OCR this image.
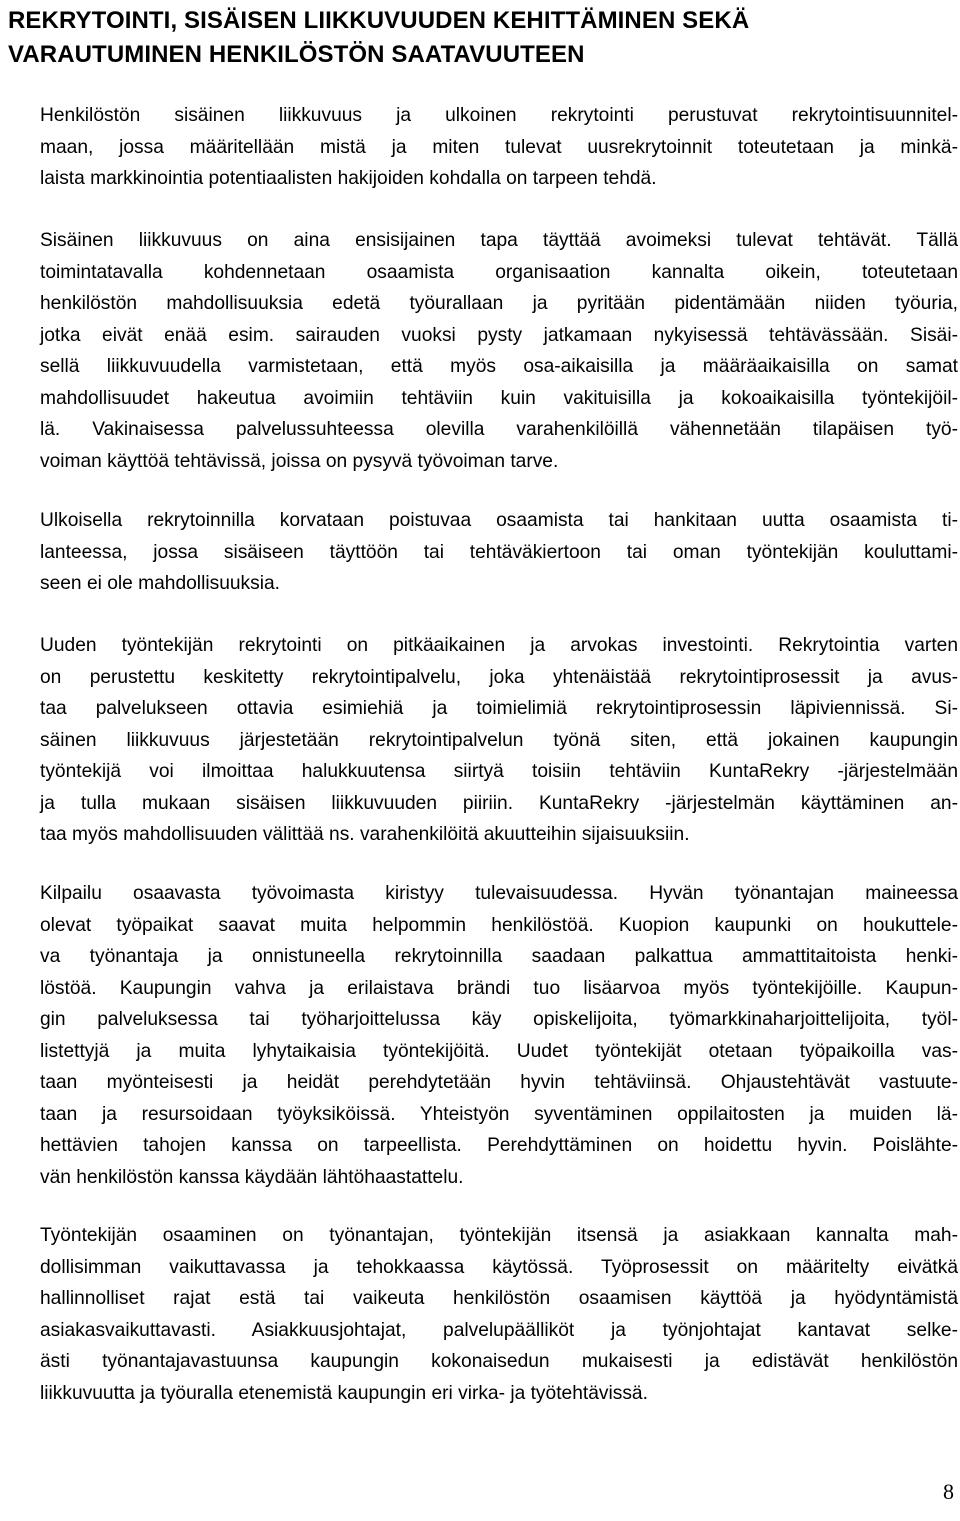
REKRYTOINTI, SISÄISEN LIIKKUVUUDEN KEHITTÄMINEN SEKÄ
VARAUTUMINEN HENKILÖSTÖN SAATAVUUTEEN

Henkilöstön sisäinen liikkuvuus ja ulkoinen rekrytointi perustuvat rekrytointisuunnitel-
maan, jossa määritellään mistä ja miten tulevat uusrekrytoinnit toteutetaan ja minkä-
laista markkinointia potentiaalisten hakijoiden kohdalla on tarpeen tehdä.

Sisäinen liikkuvuus on aina ensisijainen tapa täyttää avoimeksi tulevat tehtävät. Tällä
toimintatavalla kohdennetaan osaamista organisaation kannalta oikein, toteutetaan
henkilöstön mahdollisuuksia edetä työurallaan ja pyritään pidentämään niiden työuria,
jotka eivät enää esim. sairauden vuoksi pysty jatkamaan nykyisessä tehtävässään. Sisäi-
sellä liikkuvuudella varmistetaan, että myös osa-aikaisilla ja määräaikaisilla on samat
mahdollisuudet hakeutua avoimiin tehtäviin kuin vakituisilla ja kokoaikaisilla työntekijöil-
lä. Vakinaisessa palvelussuhteessa olevilla varahenkilöillä vähennetään tilapäisen työ-
voiman käyttöä tehtävissä, joissa on pysyvä työvoiman tarve.

Ulkoisella rekrytoinnilla korvataan poistuvaa osaamista tai hankitaan uutta osaamista ti-
lanteessa, jossa sisäiseen täyttöön tai tehtäväkiertoon tai oman työntekijän kouluttami-
seen ei ole mahdollisuuksia.

Uuden työntekijän rekrytointi on pitkäaikainen ja arvokas investointi. Rekrytointia varten
on perustettu keskitetty rekrytointipalvelu, joka yhtenäistää rekrytointiprosessit ja avus-
taa palvelukseen ottavia esimiehiä ja toimielimiä rekrytointiprosessin läpiviennissä. Si-
säinen liikkuvuus järjestetään rekrytointipalvelun työnä siten, että jokainen kaupungin
työntekijä voi ilmoittaa halukkuutensa siirtyä toisiin tehtäviin KuntaRekry -järjestelmään
ja tulla mukaan sisäisen liikkuvuuden piiriin. KuntaRekry -järjestelmän käyttäminen an-
taa myös mahdollisuuden välittää ns. varahenkilöitä akuutteihin sijaisuuksiin.

Kilpailu osaavasta työvoimasta kiristyy tulevaisuudessa. Hyvän työnantajan maineessa
olevat työpaikat saavat muita helpommin henkilöstöä. Kuopion kaupunki on houkuttele-
va työnantaja ja onnistuneella rekrytoinnilla saadaan palkattua ammattitaitoista henki-
löstöä. Kaupungin vahva ja erilaistava brändi tuo lisäarvoa myös työntekijöille. Kaupun-
gin palveluksessa tai työharjoittelussa käy opiskelijoita, työmarkkinaharjoittelijoita, työl-
listettyjä ja muita lyhytaikaisia työntekijöitä. Uudet työntekijät otetaan työpaikoilla vas-
taan myönteisesti ja heidät perehdytetään hyvin tehtäviinsä. Ohjaustehtävät vastuute-
taan ja resursoidaan työyksiköissä. Yhteistyön syventäminen oppilaitosten ja muiden lä-
hettävien tahojen kanssa on tarpeellista. Perehdyttäminen on hoidettu hyvin. Poislähte-
vän henkilöstön kanssa käydään lähtöhaastattelu.

Työntekijän osaaminen on työnantajan, työntekijän itsensä ja asiakkaan kannalta mah-
dollisimman vaikuttavassa ja tehokkaassa käytössä. Työprosessit on määritelty eivätkä
hallinnolliset rajat estä tai vaikeuta henkilöstön osaamisen käyttöä ja hyödyntämistä
asiakasvaikuttavasti. Asiakkuusjohtajat, palvelupäälliköt ja työnjohtajat kantavat selke-
ästi työnantajavastuunsa kaupungin kokonaisedun mukaisesti ja edistävät henkilöstön
liikkuvuutta ja työuralla etenemistä kaupungin eri virka- ja työtehtävissä.

8
